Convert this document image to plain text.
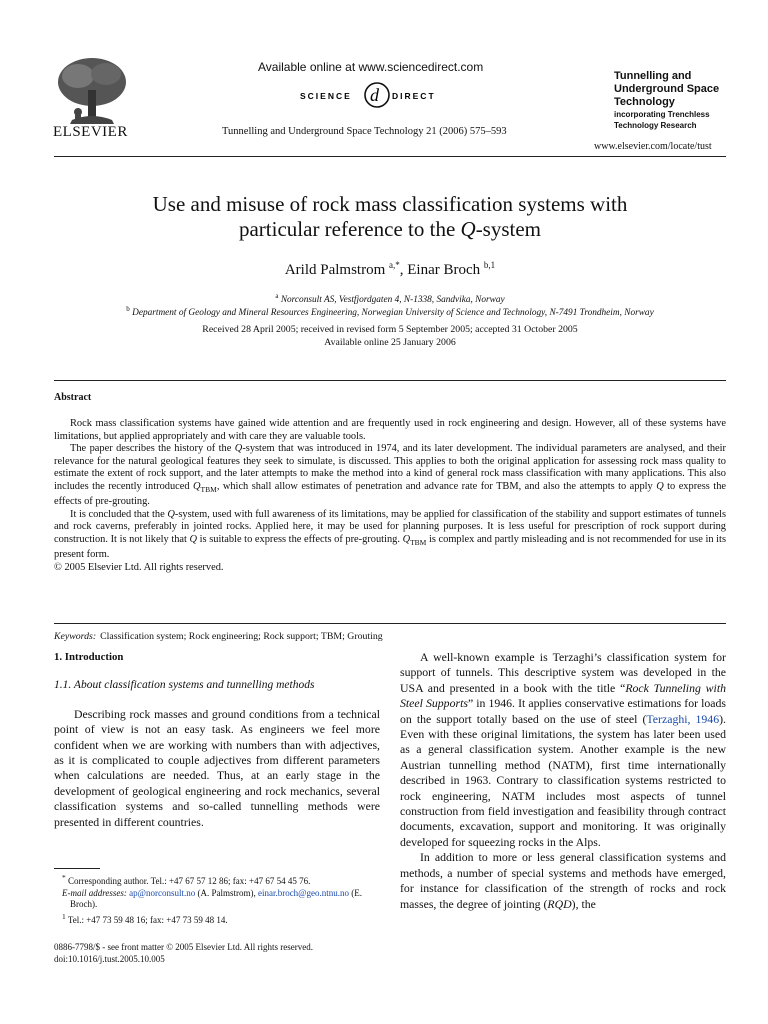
ELSEVIER
Available online at www.sciencedirect.com
SCIENCE d DIRECT
Tunnelling and Underground Space Technology 21 (2006) 575–593
Tunnelling and
Underground Space
Technology
incorporating Trenchless
Technology Research
www.elsevier.com/locate/tust
Use and misuse of rock mass classification systems with
particular reference to the Q-system
Arild Palmstrom $^{a,*}$, Einar Broch $^{b,1}$
$^a$ Norconsult AS, Vestfjordgaten 4, N-1338, Sandvika, Norway
$^b$ Department of Geology and Mineral Resources Engineering, Norwegian University of Science and Technology, N-7491 Trondheim, Norway
Received 28 April 2005; received in revised form 5 September 2005; accepted 31 October 2005
Available online 25 January 2006
Abstract

Rock mass classification systems have gained wide attention and are frequently used in rock engineering and design. However, all of these systems have limitations, but applied appropriately and with care they are valuable tools.

The paper describes the history of the Q-system that was introduced in 1974, and its later development. The individual parameters are analysed, and their relevance for the natural geological features they seek to simulate, is discussed. This applies to both the original application for assessing rock mass quality to estimate the extent of rock support, and the later attempts to make the method into a kind of general rock mass classification with many applications. This also includes the recently introduced $Q_{TBM}$, which shall allow estimates of penetration and advance rate for TBM, and also the attempts to apply Q to express the effects of pre-grouting.

It is concluded that the Q-system, used with full awareness of its limitations, may be applied for classification of the stability and support estimates of tunnels and rock caverns, preferably in jointed rocks. Applied here, it may be used for planning purposes. It is less useful for prescription of rock support during construction. It is not likely that Q is suitable to express the effects of pre-grouting. $Q_{TBM}$ is complex and partly misleading and is not recommended for use in its present form.

© 2005 Elsevier Ltd. All rights reserved.

Keywords: Classification system; Rock engineering; Rock support; TBM; Grouting
1. Introduction
1.1. About classification systems and tunnelling methods

Describing rock masses and ground conditions from a technical point of view is not an easy task. As engineers we feel more confident when we are working with numbers than with adjectives, as it is complicated to couple adjectives from different parameters when calculations are needed. Thus, at an early stage in the development of geological engineering and rock mechanics, several classification systems and so-called tunnelling methods were presented in different countries.

A well-known example is Terzaghi’s classification system for support of tunnels. This descriptive system was developed in the USA and presented in a book with the title “Rock Tunneling with Steel Supports” in 1946. It applies conservative estimations for loads on the support totally based on the use of steel (Terzaghi, 1946). Even with these original limitations, the system has later been used as a general classification system. Another example is the new Austrian tunnelling method (NATM), first time internationally described in 1963. Contrary to classification systems restricted to rock engineering, NATM includes most aspects of tunnel construction from field investigation and feasibility through contract documents, excavation, support and monitoring. It was originally developed for squeezing rocks in the Alps.

In addition to more or less general classification systems and methods, a number of special systems and methods have emerged, for instance for classification of the strength of rocks and rock masses, the degree of jointing (RQD), the

* Corresponding author. Tel.: +47 67 57 12 86; fax: +47 67 54 45 76.
E-mail addresses: ap@norconsult.no (A. Palmstrom), einar.broch@geo.ntnu.no (E. Broch).
$^1$ Tel.: +47 73 59 48 16; fax: +47 73 59 48 14.
0886-7798/$ - see front matter © 2005 Elsevier Ltd. All rights reserved.
doi:10.1016/j.tust.2005.10.005
